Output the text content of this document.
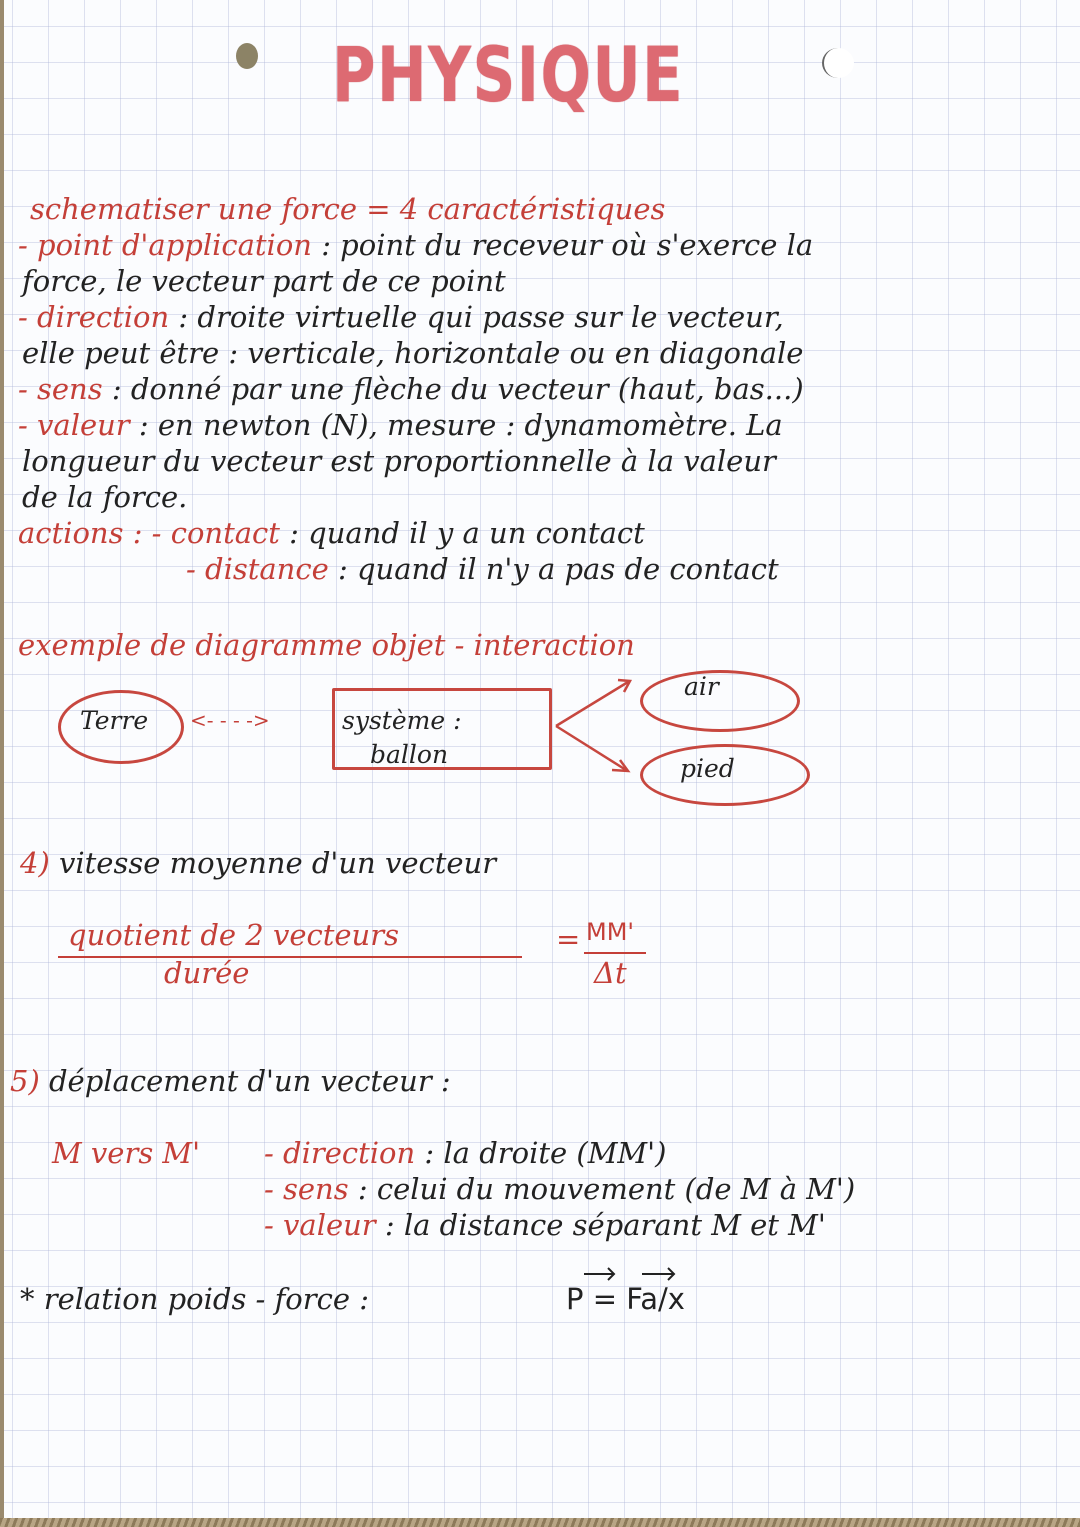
PHYSIQUE
schematiser une force = 4 caractéristiques
- point d'application : point du receveur où s'exerce la
force, le vecteur part de ce point
- direction : droite virtuelle qui passe sur le vecteur,
elle peut être : verticale, horizontale ou en diagonale
- sens : donné par une flèche du vecteur (haut, bas...)
- valeur : en newton (N), mesure : dynamomètre. La
longueur du vecteur est proportionnelle à la valeur
de la force.
actions : - contact : quand il y a un contact
- distance : quand il n'y a pas de contact
exemple de diagramme objet - interaction
Terre <- - - ->	système :
ballon
air
pied
4) vitesse moyenne d'un vecteur
quotient de 2 vecteurs
durée
= MM'
Δt
5) déplacement d'un vecteur :
M vers M' - direction : la droite (MM')
- sens : celui du mouvement (de M à M')
- valeur : la distance séparant M et M'
* relation poids - force :	P = Fa/x
